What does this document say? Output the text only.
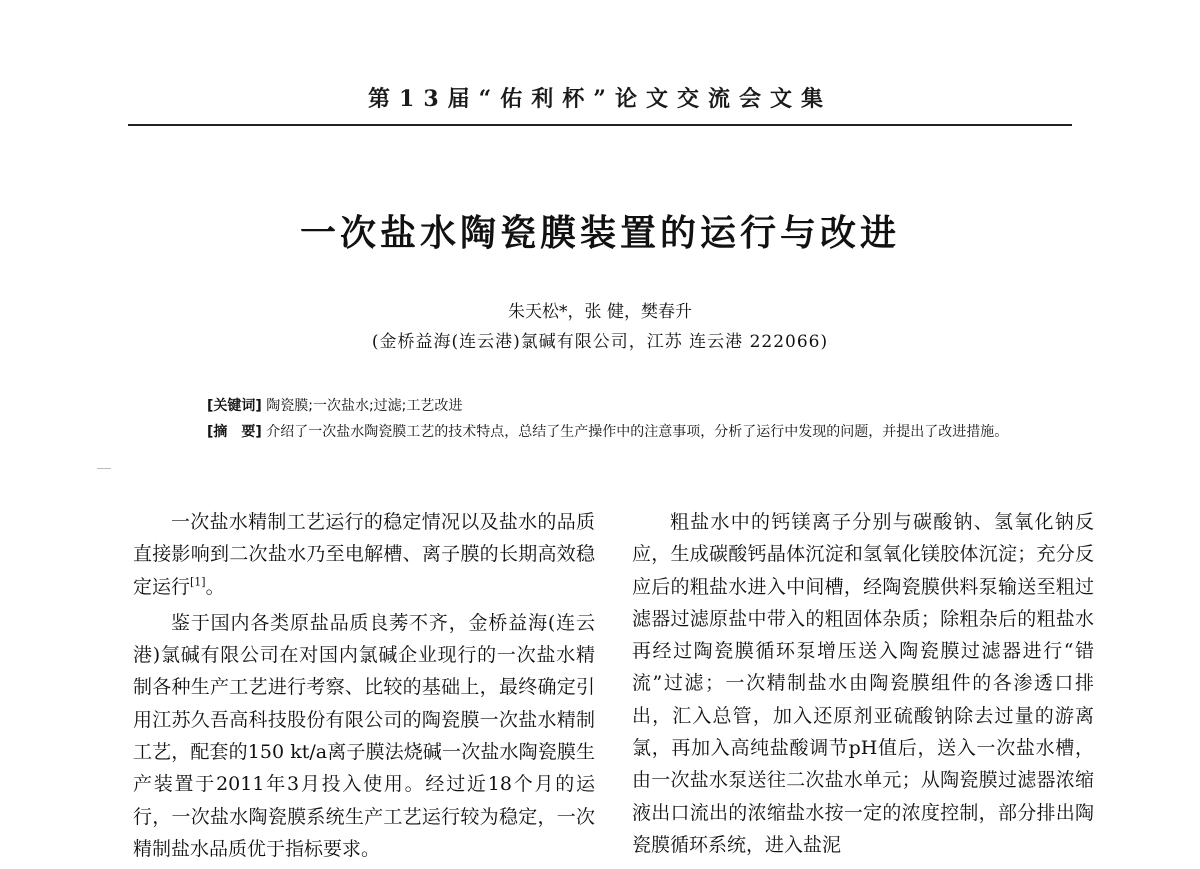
第13届“佑利杯”论文交流会文集
一次盐水陶瓷膜装置的运行与改进
朱天松*，张 健，樊春升
(金桥益海(连云港)氯碱有限公司，江苏 连云港 222066)
[关键词] 陶瓷膜;一次盐水;过滤;工艺改进
[摘　要] 介绍了一次盐水陶瓷膜工艺的技术特点，总结了生产操作中的注意事项，分析了运行中发现的问题，并提出了改进措施。

一次盐水精制工艺运行的稳定情况以及盐水的品质直接影响到二次盐水乃至电解槽、离子膜的长期高效稳定运行[1]。

鉴于国内各类原盐品质良莠不齐，金桥益海(连云港)氯碱有限公司在对国内氯碱企业现行的一次盐水精制各种生产工艺进行考察、比较的基础上，最终确定引用江苏久吾高科技股份有限公司的陶瓷膜一次盐水精制工艺，配套的150 kt/a离子膜法烧碱一次盐水陶瓷膜生产装置于2011年3月投入使用。经过近18个月的运行，一次盐水陶瓷膜系统生产工艺运行较为稳定，一次精制盐水品质优于指标要求。

粗盐水中的钙镁离子分别与碳酸钠、氢氧化钠反应，生成碳酸钙晶体沉淀和氢氧化镁胶体沉淀；充分反应后的粗盐水进入中间槽，经陶瓷膜供料泵输送至粗过滤器过滤原盐中带入的粗固体杂质；除粗杂后的粗盐水再经过陶瓷膜循环泵增压送入陶瓷膜过滤器进行“错流”过滤；一次精制盐水由陶瓷膜组件的各渗透口排出，汇入总管，加入还原剂亚硫酸钠除去过量的游离氯，再加入高纯盐酸调节pH值后，送入一次盐水槽，由一次盐水泵送往二次盐水单元；从陶瓷膜过滤器浓缩液出口流出的浓缩盐水按一定的浓度控制，部分排出陶瓷膜循环系统，进入盐泥
